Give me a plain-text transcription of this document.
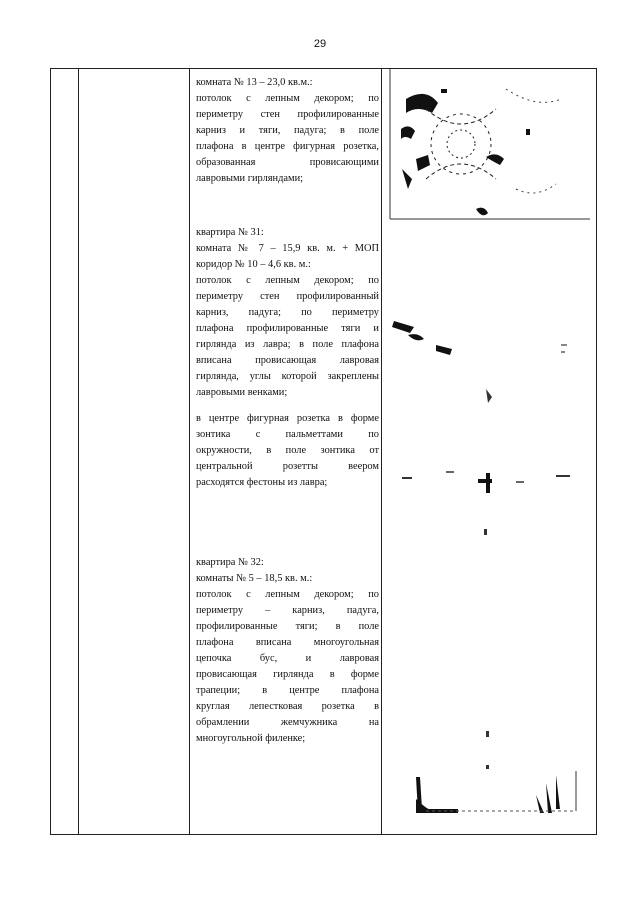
29
комната № 13 – 23,0 кв.м.:
потолок с лепным декором; по
периметру стен профилированные
карниз и тяги, падуга; в поле
плафона в центре фигурная розетка,
образованная провисающими
лавровыми гирляндами;
квартира № 31:
комната № 7 – 15,9 кв. м. + МОП
коридор № 10 – 4,6 кв. м.:
потолок с лепным декором; по
периметру стен профилированный
карниз, падуга; по периметру
плафона профилированные тяги и
гирлянда из лавра; в поле плафона
вписана провисающая лавровая
гирлянда, углы которой закреплены
лавровыми венками;
в центре фигурная розетка в форме
зонтика с пальметтами по
окружности, в поле зонтика от
центральной розетты веером
расходятся фестоны из лавра;
квартира № 32:
комнаты № 5 – 18,5 кв. м.:
потолок с лепным декором; по
периметру – карниз, падуга,
профилированные тяги; в поле
плафона вписана многоугольная
цепочка бус, и лавровая
провисающая гирлянда в форме
трапеции; в центре плафона
круглая лепестковая розетка в
обрамлении жемчужника на
многоугольной филенке;
